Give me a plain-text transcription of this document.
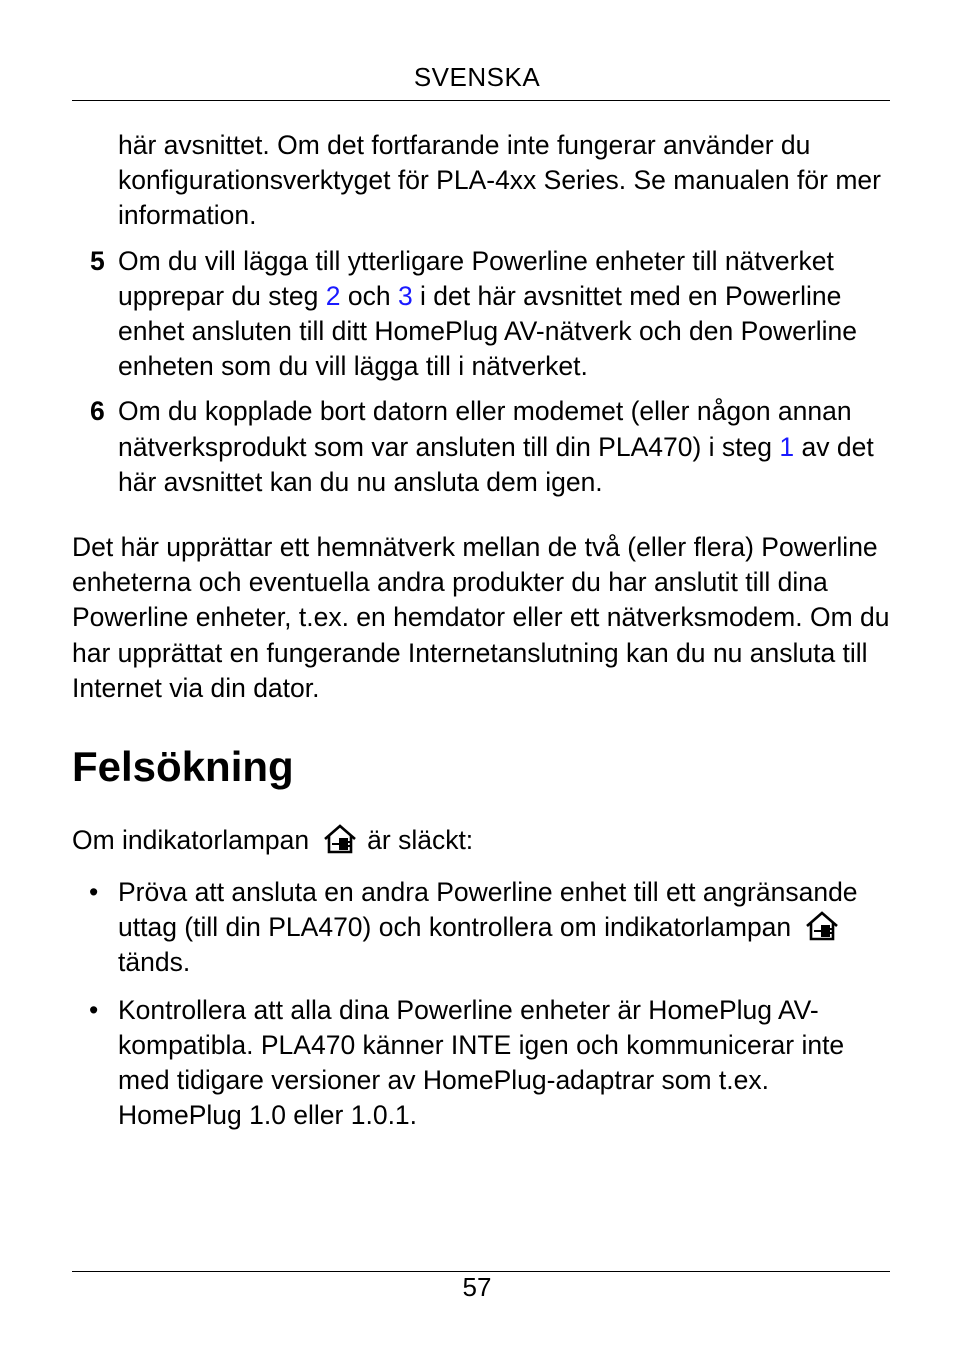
SVENSKA
här avsnittet. Om det fortfarande inte fungerar använder du konfigurationsverktyget för PLA-4xx Series. Se manualen för mer information.
5 Om du vill lägga till ytterligare Powerline enheter till nätverket upprepar du steg 2 och 3 i det här avsnittet med en Powerline enhet ansluten till ditt HomePlug AV-nätverk och den Powerline enheten som du vill lägga till i nätverket.
6 Om du kopplade bort datorn eller modemet (eller någon annan nätverksprodukt som var ansluten till din PLA470) i steg 1 av det här avsnittet kan du nu ansluta dem igen.

Det här upprättar ett hemnätverk mellan de två (eller flera) Powerline enheterna och eventuella andra produkter du har anslutit till dina Powerline enheter, t.ex. en hemdator eller ett nätverksmodem. Om du har upprättat en fungerande Internetanslutning kan du nu ansluta till Internet via din dator.

Felsökning

Om indikatorlampan är släckt:

• Pröva att ansluta en andra Powerline enhet till ett angränsande uttag (till din PLA470) och kontrollera om indikatorlampan
tänds.
• Kontrollera att alla dina Powerline enheter är HomePlug AV-kompatibla. PLA470 känner INTE igen och kommunicerar inte med tidigare versioner av HomePlug-adaptrar som t.ex. HomePlug 1.0 eller 1.0.1.
57
